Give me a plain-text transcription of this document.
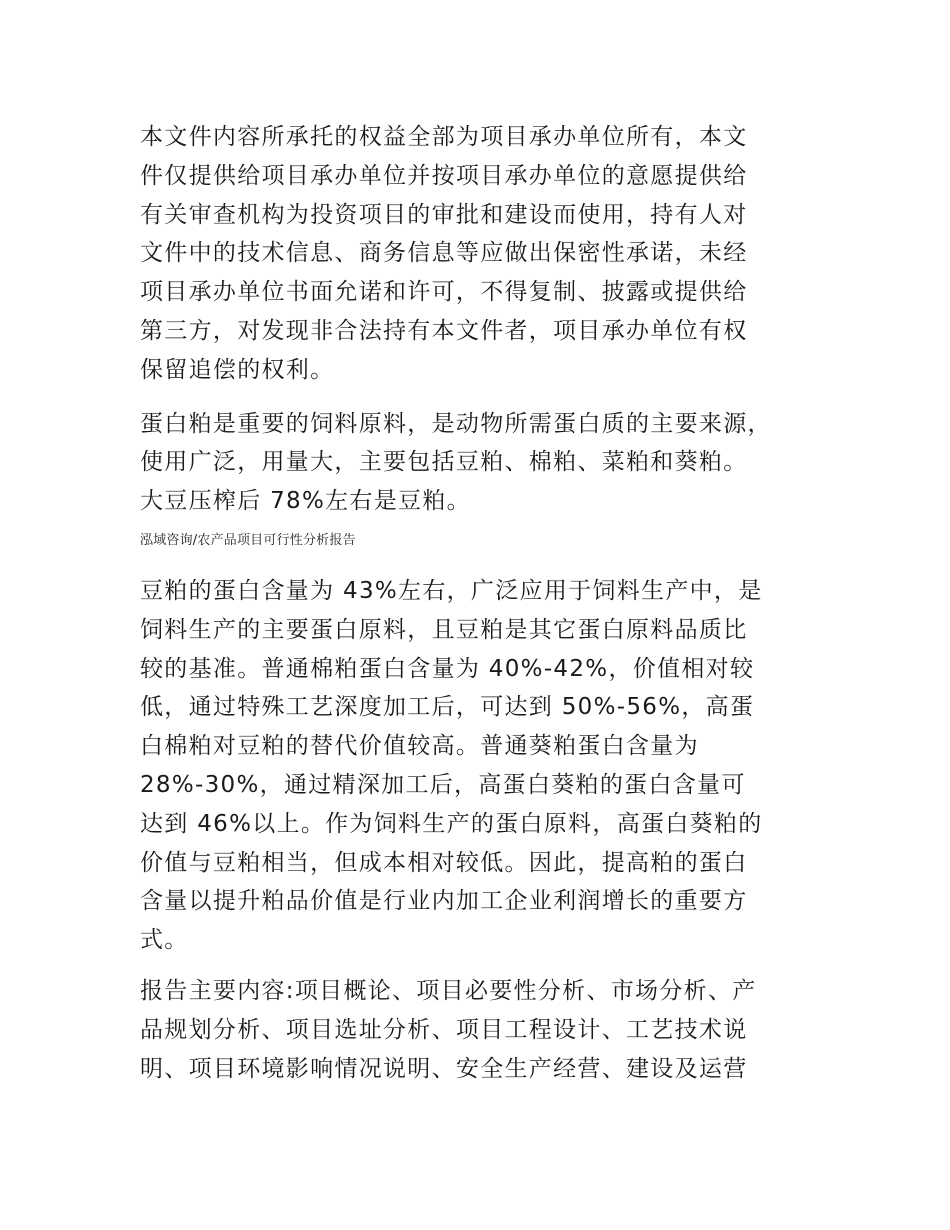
本文件内容所承托的权益全部为项目承办单位所有，本文
件仅提供给项目承办单位并按项目承办单位的意愿提供给
有关审查机构为投资项目的审批和建设而使用，持有人对
文件中的技术信息、商务信息等应做出保密性承诺，未经
项目承办单位书面允诺和许可，不得复制、披露或提供给
第三方，对发现非合法持有本文件者，项目承办单位有权
保留追偿的权利。

蛋白粕是重要的饲料原料，是动物所需蛋白质的主要来源，
使用广泛，用量大，主要包括豆粕、棉粕、菜粕和葵粕。
大豆压榨后 78%左右是豆粕。

泓域咨询/农产品项目可行性分析报告

豆粕的蛋白含量为 43%左右，广泛应用于饲料生产中，是
饲料生产的主要蛋白原料，且豆粕是其它蛋白原料品质比
较的基准。普通棉粕蛋白含量为 40%-42%，价值相对较
低，通过特殊工艺深度加工后，可达到 50%-56%，高蛋
白棉粕对豆粕的替代价值较高。普通葵粕蛋白含量为
28%-30%，通过精深加工后，高蛋白葵粕的蛋白含量可
达到 46%以上。作为饲料生产的蛋白原料，高蛋白葵粕的
价值与豆粕相当，但成本相对较低。因此，提高粕的蛋白
含量以提升粕品价值是行业内加工企业利润增长的重要方
式。

报告主要内容:项目概论、项目必要性分析、市场分析、产
品规划分析、项目选址分析、项目工程设计、工艺技术说
明、项目环境影响情况说明、安全生产经营、建设及运营
